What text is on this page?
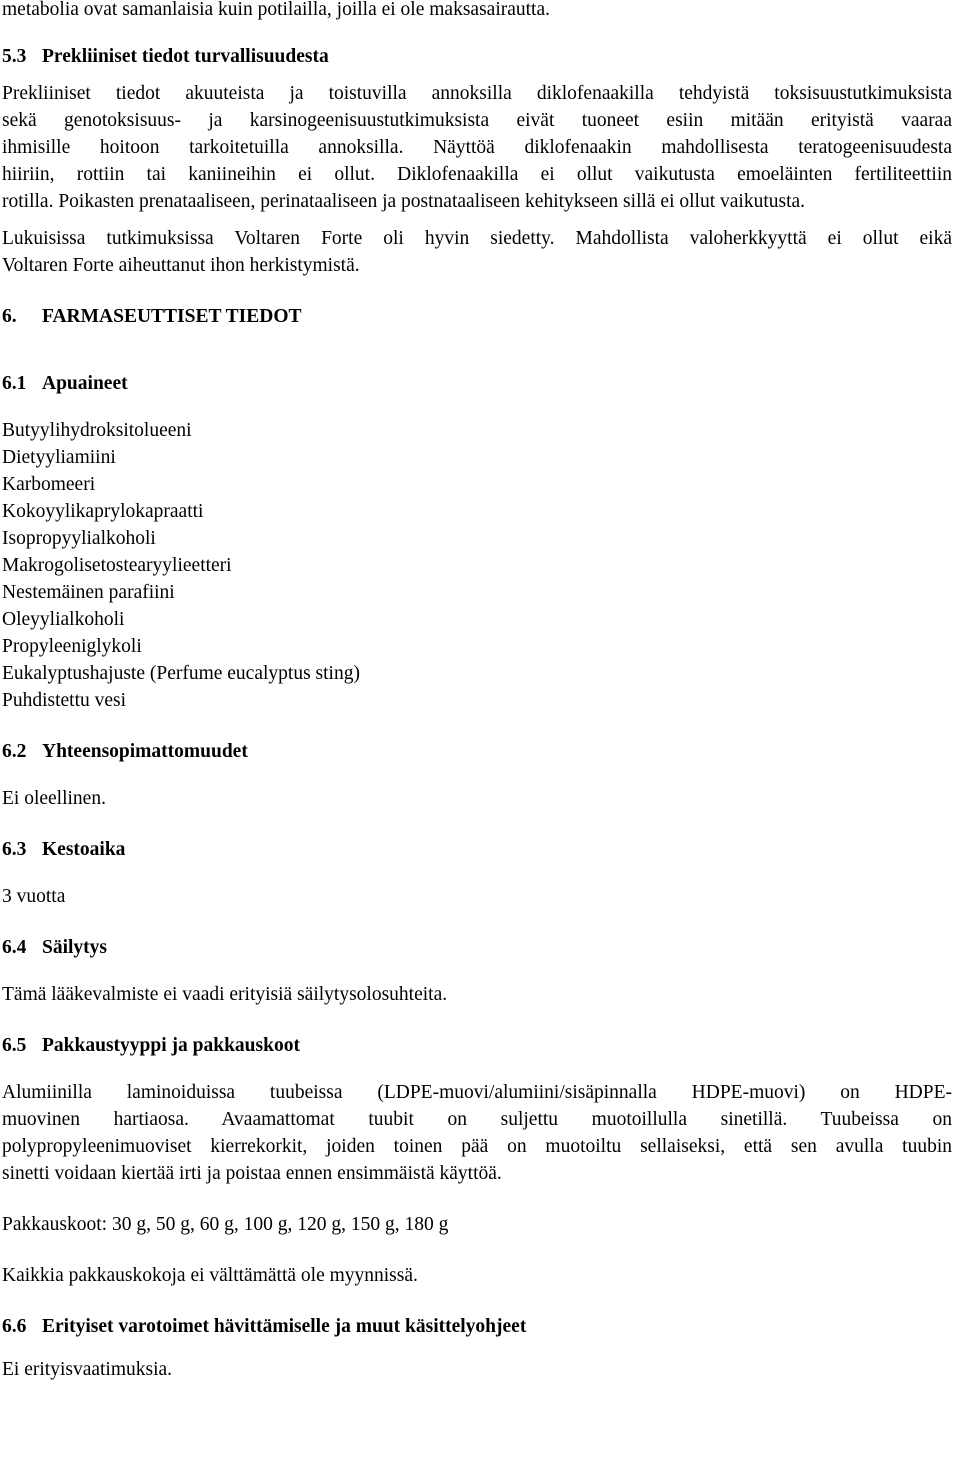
metabolia ovat samanlaisia kuin potilailla, joilla ei ole maksasairautta.

5.3 Prekliiniset tiedot turvallisuudesta

Prekliiniset tiedot akuuteista ja toistuvilla annoksilla diklofenaakilla tehdyistä toksisuustutkimuksista
sekä genotoksisuus- ja karsinogeenisuustutkimuksista eivät tuoneet esiin mitään erityistä vaaraa
ihmisille hoitoon tarkoitetuilla annoksilla. Näyttöä diklofenaakin mahdollisesta teratogeenisuudesta
hiiriin, rottiin tai kaniineihin ei ollut. Diklofenaakilla ei ollut vaikutusta emoeläinten fertiliteettiin
rotilla. Poikasten prenataaliseen, perinataaliseen ja postnataaliseen kehitykseen sillä ei ollut vaikutusta.

Lukuisissa tutkimuksissa Voltaren Forte oli hyvin siedetty. Mahdollista valoherkkyyttä ei ollut eikä
Voltaren Forte aiheuttanut ihon herkistymistä.

6. FARMASEUTTISET TIEDOT
6.1 Apuaineet
Butyylihydroksitolueeni
Dietyyliamiini
Karbomeeri
Kokoyylikaprylokapraatti
Isopropyylialkoholi
Makrogolisetostearyylieetteri
Nestemäinen parafiini
Oleyylialkoholi
Propyleeniglykoli
Eukalyptushajuste (Perfume eucalyptus sting)
Puhdistettu vesi
6.2 Yhteensopimattomuudet

Ei oleellinen.

6.3 Kestoaika

3 vuotta

6.4 Säilytys

Tämä lääkevalmiste ei vaadi erityisiä säilytysolosuhteita.

6.5 Pakkaustyyppi ja pakkauskoot

Alumiinilla laminoiduissa tuubeissa (LDPE-muovi/alumiini/sisäpinnalla HDPE-muovi) on HDPE-
muovinen hartiaosa. Avaamattomat tuubit on suljettu muotoillulla sinetillä. Tuubeissa on
polypropyleenimuoviset kierrekorkit, joiden toinen pää on muotoiltu sellaiseksi, että sen avulla tuubin
sinetti voidaan kiertää irti ja poistaa ennen ensimmäistä käyttöä.

Pakkauskoot: 30 g, 50 g, 60 g, 100 g, 120 g, 150 g, 180 g

Kaikkia pakkauskokoja ei välttämättä ole myynnissä.

6.6 Erityiset varotoimet hävittämiselle ja muut käsittelyohjeet

Ei erityisvaatimuksia.
